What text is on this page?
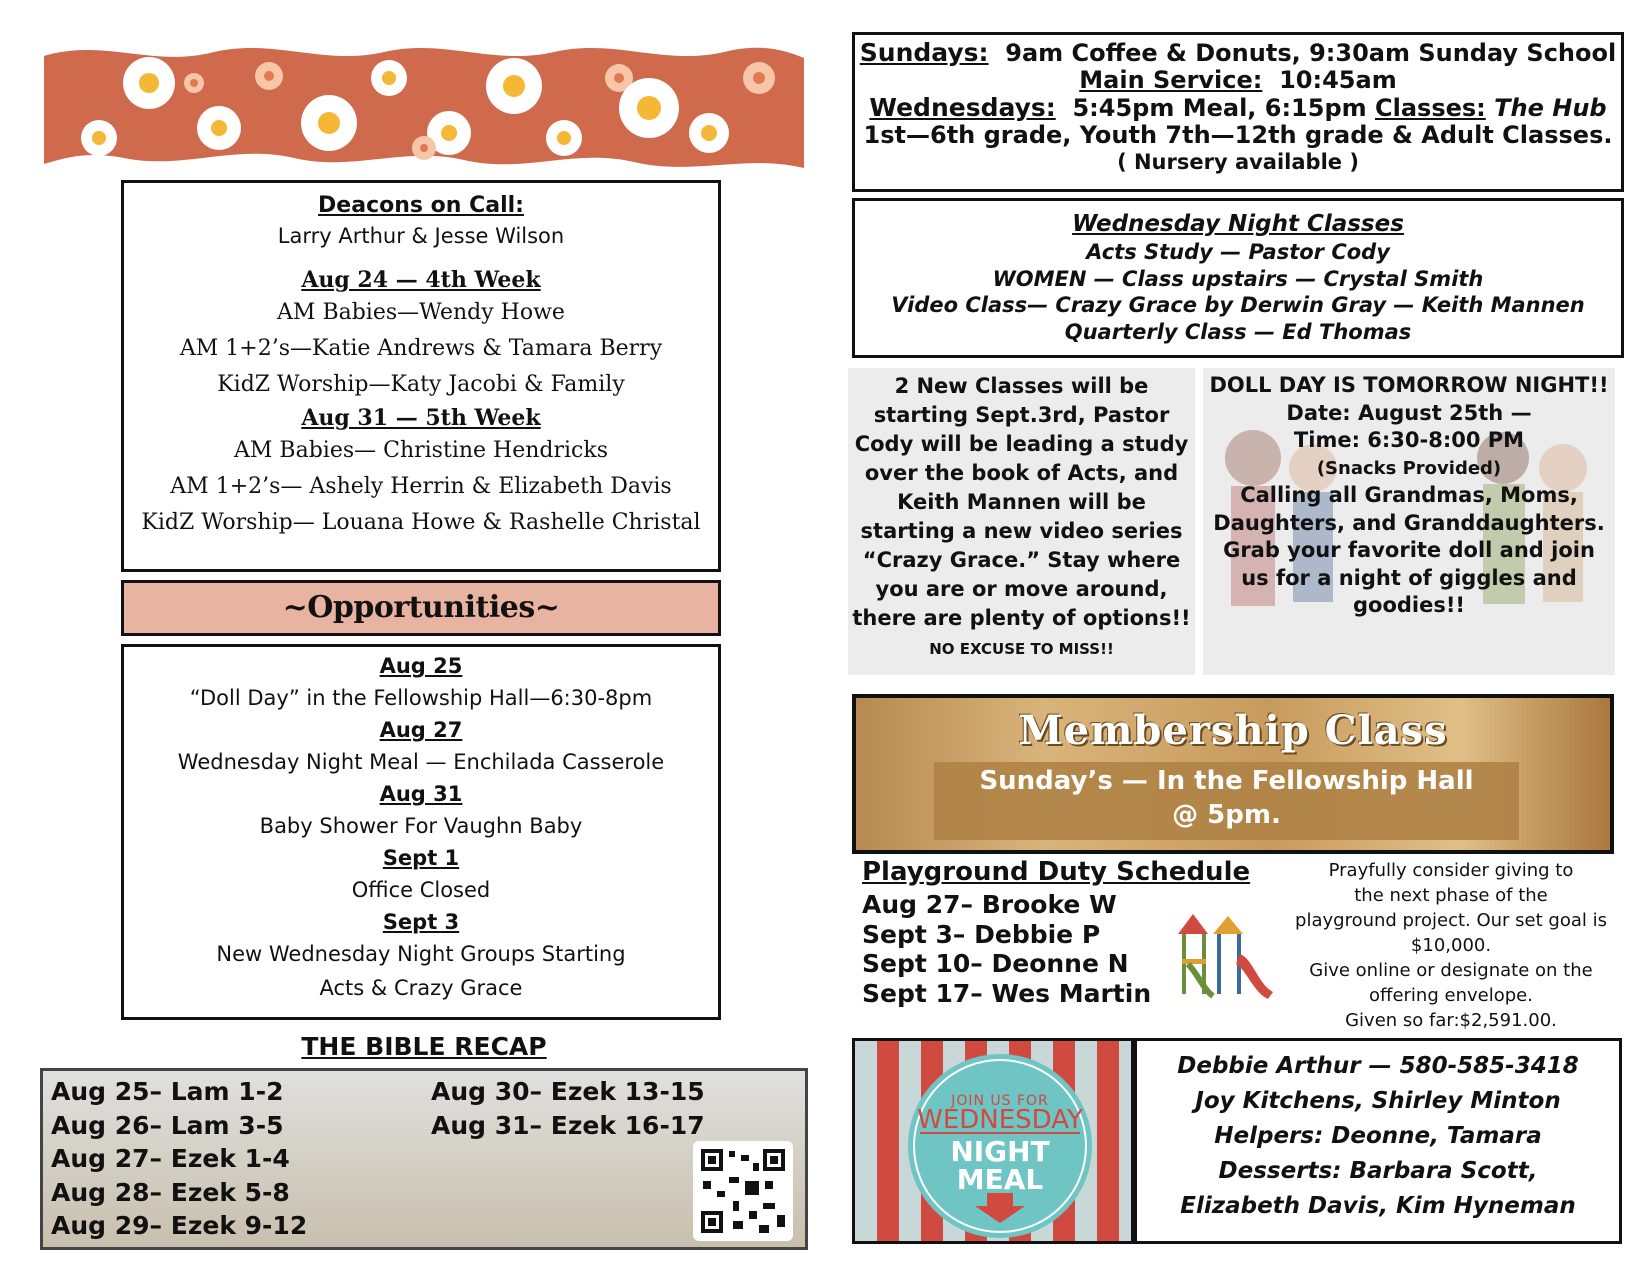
Deacons on Call:
Larry Arthur & Jesse Wilson
Aug 24 — 4th Week
AM Babies—Wendy Howe
AM 1+2’s—Katie Andrews & Tamara Berry
KidZ Worship—Katy Jacobi & Family
Aug 31 — 5th Week
AM Babies— Christine Hendricks
AM 1+2’s— Ashely Herrin & Elizabeth Davis
KidZ Worship— Louana Howe & Rashelle Christal
~Opportunities~
Aug 25
“Doll Day” in the Fellowship Hall—6:30-8pm
Aug 27
Wednesday Night Meal — Enchilada Casserole
Aug 31
Baby Shower For Vaughn Baby
Sept 1
Office Closed
Sept 3
New Wednesday Night Groups Starting
Acts & Crazy Grace
THE BIBLE RECAP
Aug 25– Lam 1-2
Aug 26– Lam 3-5
Aug 27– Ezek 1-4
Aug 28– Ezek 5-8
Aug 29– Ezek 9-12
Aug 30– Ezek 13-15
Aug 31– Ezek 16-17
Sundays: 9am Coffee & Donuts, 9:30am Sunday School
Main Service: 10:45am
Wednesdays: 5:45pm Meal, 6:15pm Classes: The Hub
1st—6th grade, Youth 7th—12th grade & Adult Classes.
( Nursery available )
Wednesday Night Classes
Acts Study — Pastor Cody
WOMEN — Class upstairs — Crystal Smith
Video Class— Crazy Grace by Derwin Gray — Keith Mannen
Quarterly Class — Ed Thomas
2 New Classes will be starting Sept.3rd, Pastor Cody will be leading a study over the book of Acts, and Keith Mannen will be starting a new video series “Crazy Grace.” Stay where you are or move around, there are plenty of options!! NO EXCUSE TO MISS!!
DOLL DAY IS TOMORROW NIGHT!!
Date: August 25th —
Time: 6:30-8:00 PM
(Snacks Provided)
Calling all Grandmas, Moms, Daughters, and Granddaughters. Grab your favorite doll and join us for a night of giggles and goodies!!
Membership Class
Sunday’s — In the Fellowship Hall
@ 5pm.
Playground Duty Schedule
Aug 27– Brooke W
Sept 3– Debbie P
Sept 10– Deonne N
Sept 17– Wes Martin
Prayfully consider giving to
the next phase of the
playground project. Our set goal is
$10,000.
Give online or designate on the
offering envelope.
Given so far:$2,591.00.
JOIN US FOR
WEDNESDAY
NIGHT
MEAL
Debbie Arthur — 580-585-3418
Joy Kitchens, Shirley Minton
Helpers: Deonne, Tamara
Desserts: Barbara Scott,
Elizabeth Davis, Kim Hyneman
